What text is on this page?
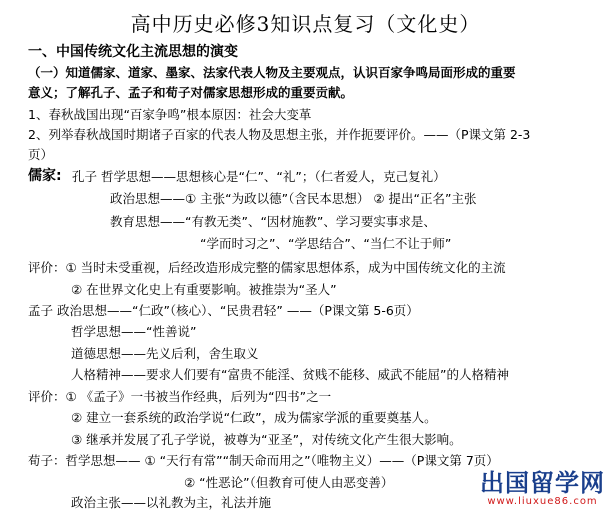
高中历史必修3知识点复习（文化史）
一、中国传统文化主流思想的演变
（一）知道儒家、道家、墨家、法家代表人物及主要观点，认识百家争鸣局面形成的重要
意义；了解孔子、孟子和荀子对儒家思想形成的重要贡献。
1、春秋战国出现“百家争鸣”根本原因：社会大变革
2、列举春秋战国时期诸子百家的代表人物及思想主张，并作扼要评价。——（P课文第 2-3
页）
儒家: 孔子 哲学思想——思想核心是“仁”、“礼”；（仁者爱人，克己复礼）
政治思想——① 主张“为政以德”（含民本思想） ② 提出“正名”主张
教育思想——“有教无类”、“因材施教”、学习要实事求是、
“学而时习之”、“学思结合”、“当仁不让于师”
评价：① 当时未受重视，后经改造形成完整的儒家思想体系，成为中国传统文化的主流
② 在世界文化史上有重要影响。被推崇为“圣人”
孟子 政治思想——“仁政”（核心）、“民贵君轻” ——（P课文第 5-6页）
哲学思想——“性善说”
道德思想——先义后利，舍生取义
人格精神——要求人们要有“富贵不能淫、贫贱不能移、威武不能屈”的人格精神
评价：① 《孟子》一书被当作经典，后列为“四书”之一
② 建立一套系统的政治学说“仁政”，成为儒家学派的重要奠基人。
③ 继承并发展了孔子学说，被尊为“亚圣”，对传统文化产生很大影响。
荀子：哲学思想—— ① “天行有常”“制天命而用之”（唯物主义）——（P课文第 7页）
② “性恶论”（但教育可使人由恶变善）
政治主张——以礼教为主，礼法并施
出国留学网
www.liuxue86.com
